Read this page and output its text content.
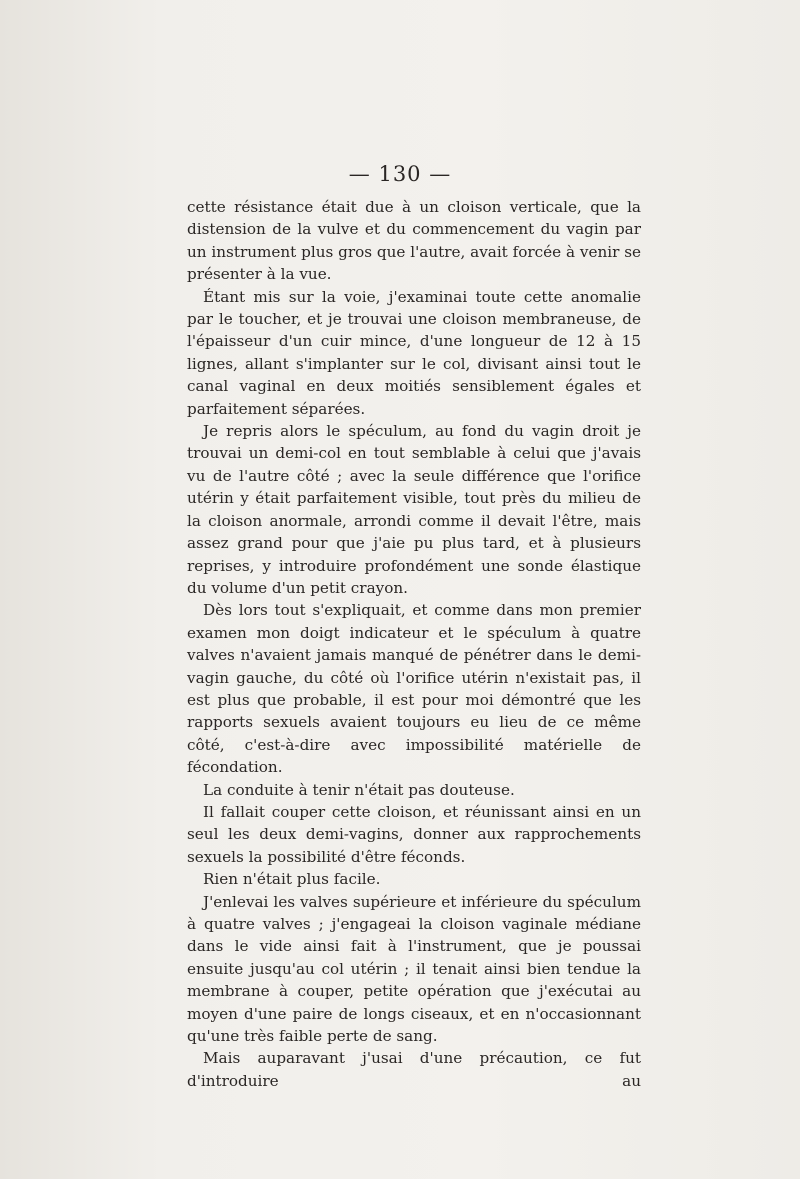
— 130 —

cette résistance était due à un cloison verticale, que la distension de la vulve et du commencement du vagin par un instrument plus gros que l'autre, avait forcée à venir se présenter à la vue.

Étant mis sur la voie, j'examinai toute cette anomalie par le toucher, et je trouvai une cloison membraneuse, de l'épaisseur d'un cuir mince, d'une longueur de 12 à 15 lignes, allant s'implanter sur le col, divisant ainsi tout le canal vaginal en deux moitiés sensiblement égales et parfaitement séparées.

Je repris alors le spéculum, au fond du vagin droit je trouvai un demi-col en tout semblable à celui que j'avais vu de l'autre côté ; avec la seule différence que l'orifice utérin y était parfaitement visible, tout près du milieu de la cloison anormale, arrondi comme il devait l'être, mais assez grand pour que j'aie pu plus tard, et à plusieurs reprises, y introduire profondément une sonde élastique du volume d'un petit crayon.

Dès lors tout s'expliquait, et comme dans mon premier examen mon doigt indicateur et le spéculum à quatre valves n'avaient jamais manqué de pénétrer dans le demi-vagin gauche, du côté où l'orifice utérin n'existait pas, il est plus que probable, il est pour moi démontré que les rapports sexuels avaient toujours eu lieu de ce même côté, c'est-à-dire avec impossibilité matérielle de fécondation.

La conduite à tenir n'était pas douteuse.

Il fallait couper cette cloison, et réunissant ainsi en un seul les deux demi-vagins, donner aux rapprochements sexuels la possibilité d'être féconds.

Rien n'était plus facile.

J'enlevai les valves supérieure et inférieure du spéculum à quatre valves ; j'engageai la cloison vaginale médiane dans le vide ainsi fait à l'instrument, que je poussai ensuite jusqu'au col utérin ; il tenait ainsi bien tendue la membrane à couper, petite opération que j'exécutai au moyen d'une paire de longs ciseaux, et en n'occasionnant qu'une très faible perte de sang.

Mais auparavant j'usai d'une précaution, ce fut d'introduire au
